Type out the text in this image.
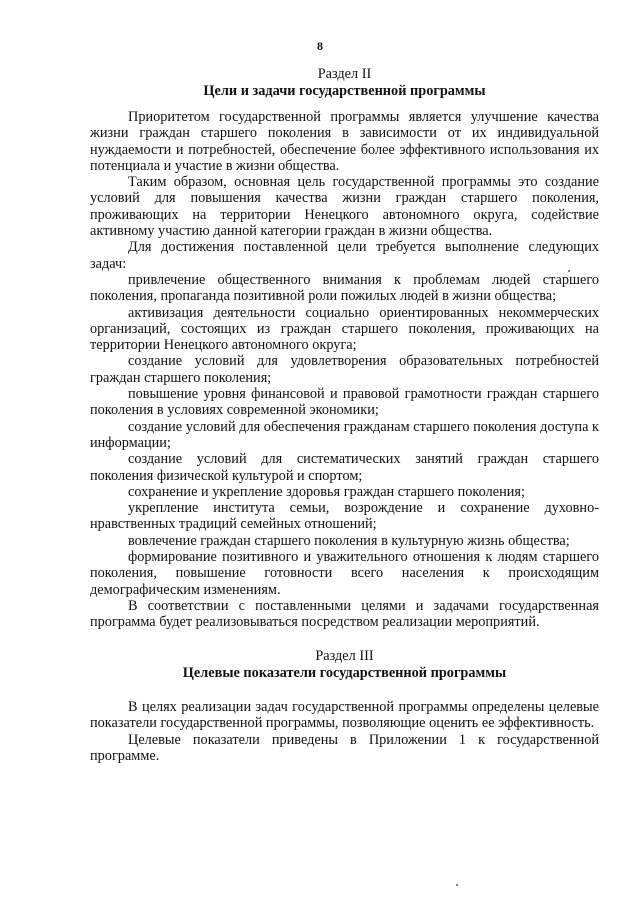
8
Раздел II
Цели и задачи государственной программы

Приоритетом государственной программы является улучшение качества жизни граждан старшего поколения в зависимости от их индивидуальной нуждаемости и потребностей, обеспечение более эффективного использования их потенциала и участие в жизни общества.

Таким образом, основная цель государственной программы это создание условий для повышения качества жизни граждан старшего поколения, проживающих на территории Ненецкого автономного округа, содействие активному участию данной категории граждан в жизни общества.

Для достижения поставленной цели требуется выполнение следующих задач:

привлечение общественного внимания к проблемам людей старшего поколения, пропаганда позитивной роли пожилых людей в жизни общества;

активизация деятельности социально ориентированных некоммерческих организаций, состоящих из граждан старшего поколения, проживающих на территории Ненецкого автономного округа;

создание условий для удовлетворения образовательных потребностей граждан старшего поколения;

повышение уровня финансовой и правовой грамотности граждан старшего поколения в условиях современной экономики;

создание условий для обеспечения гражданам старшего поколения доступа к информации;

создание условий для систематических занятий граждан старшего поколения физической культурой и спортом;

сохранение и укрепление здоровья граждан старшего поколения;

укрепление института семьи, возрождение и сохранение духовно-нравственных традиций семейных отношений;

вовлечение граждан старшего поколения в культурную жизнь общества;

формирование позитивного и уважительного отношения к людям старшего поколения, повышение готовности всего населения к происходящим демографическим изменениям.

В соответствии с поставленными целями и задачами государственная программа будет реализовываться посредством реализации мероприятий.

Раздел III
Целевые показатели государственной программы

В целях реализации задач государственной программы определены целевые показатели государственной программы, позволяющие оценить ее эффективность.

Целевые показатели приведены в Приложении 1 к государственной программе.
